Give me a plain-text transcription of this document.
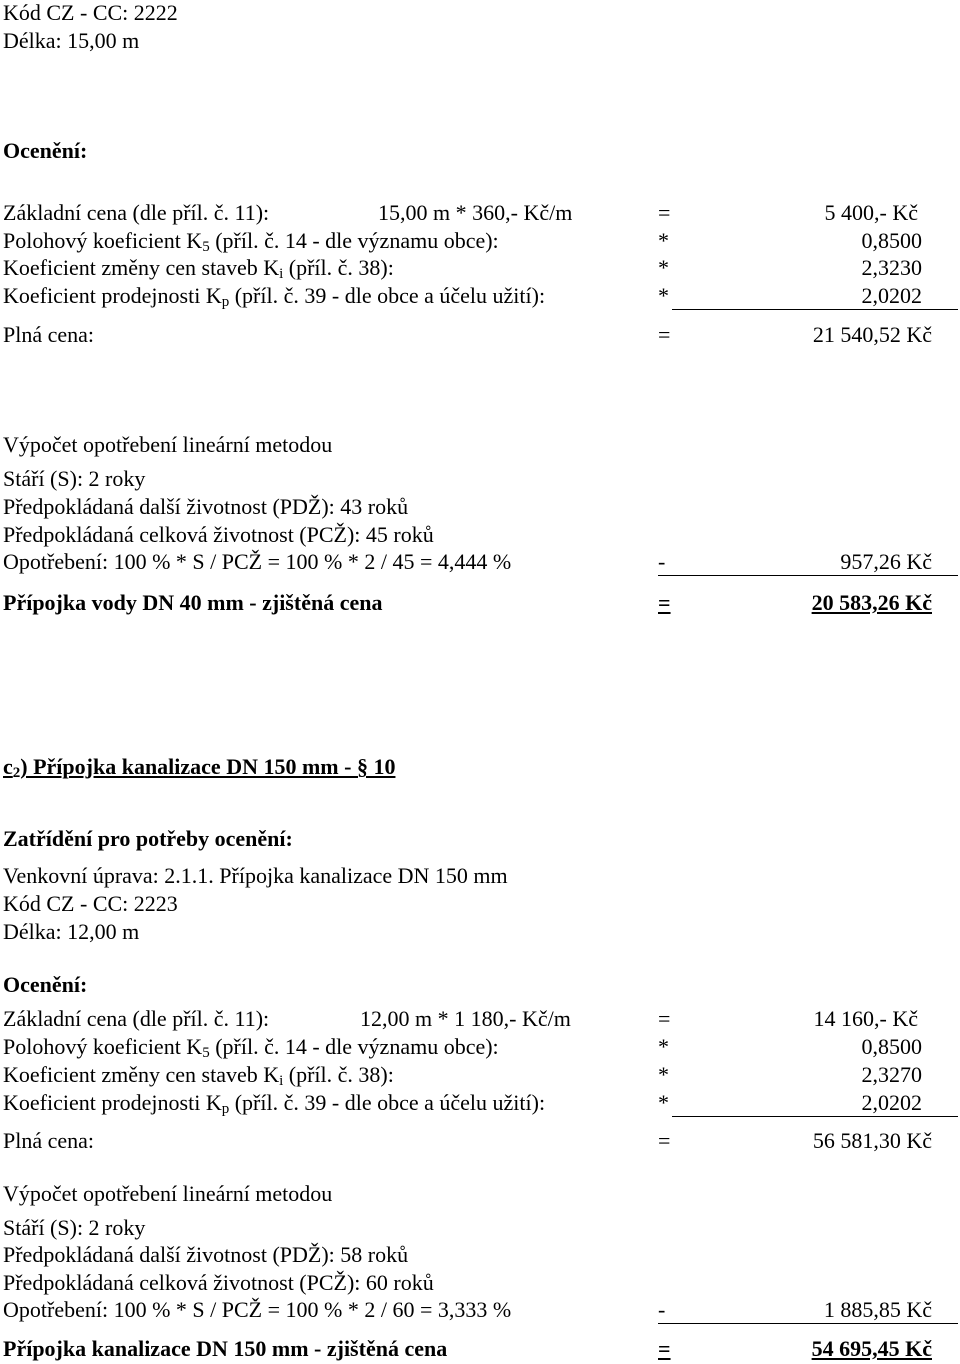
Kód CZ - CC: 2222
Délka: 15,00 m
Ocenění:
Základní cena (dle příl. č. 11):	15,00 m * 360,- Kč/m	=	5 400,- Kč
Polohový koeficient $K_5$ (příl. č. 14 - dle významu obce):	*	0,8500
Koeficient změny cen staveb $K_i$ (příl. č. 38):	*	2,3230
Koeficient prodejnosti $K_p$ (příl. č. 39 - dle obce a účelu užití):	*	2,0202
Plná cena:	=	21 540,52 Kč
Výpočet opotřebení lineární metodou
Stáří (S): 2 roky
Předpokládaná další životnost (PDŽ): 43 roků
Předpokládaná celková životnost (PCŽ): 45 roků
Opotřebení: 100 % * S / PCŽ = 100 % * 2 / 45 = 4,444 %	-	957,26 Kč
Přípojka vody DN 40 mm - zjištěná cena	=	20 583,26 Kč
$c_2$) Přípojka kanalizace DN 150 mm - § 10
Zatřídění pro potřeby ocenění:
Venkovní úprava: 2.1.1. Přípojka kanalizace DN 150 mm
Kód CZ - CC: 2223
Délka: 12,00 m
Ocenění:
Základní cena (dle příl. č. 11):	12,00 m * 1 180,- Kč/m	=	14 160,- Kč
Polohový koeficient $K_5$ (příl. č. 14 - dle významu obce):	*	0,8500
Koeficient změny cen staveb $K_i$ (příl. č. 38):	*	2,3270
Koeficient prodejnosti $K_p$ (příl. č. 39 - dle obce a účelu užití):	*	2,0202
Plná cena:	=	56 581,30 Kč
Výpočet opotřebení lineární metodou
Stáří (S): 2 roky
Předpokládaná další životnost (PDŽ): 58 roků
Předpokládaná celková životnost (PCŽ): 60 roků
Opotřebení: 100 % * S / PCŽ = 100 % * 2 / 60 = 3,333 %	-	1 885,85 Kč
Přípojka kanalizace DN 150 mm - zjištěná cena	=	54 695,45 Kč
